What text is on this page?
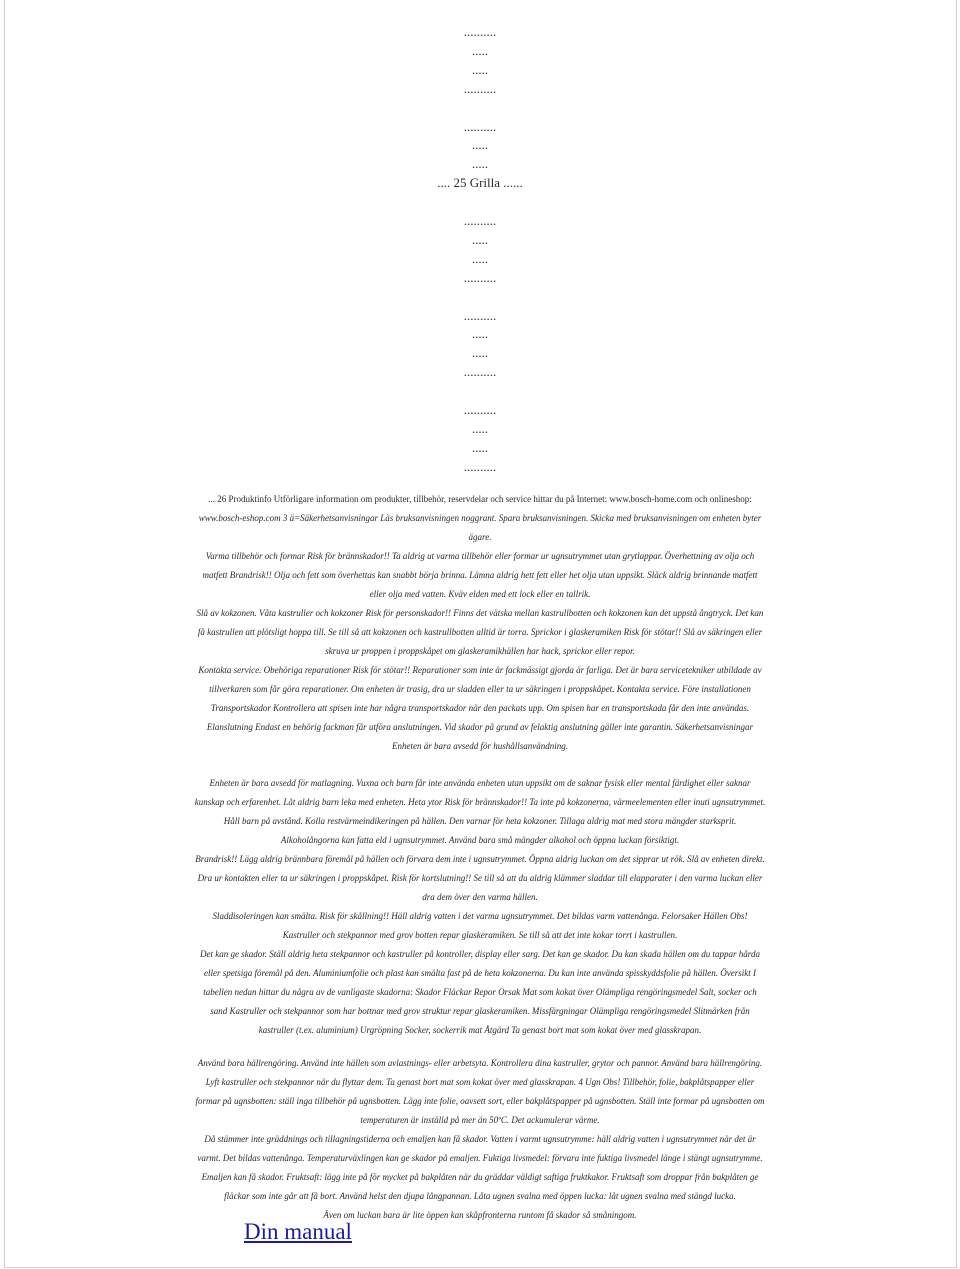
..........
.....
.....
..........
..........
.....
.....
.... 25 Grilla ......
..........
.....
.....
..........
..........
.....
.....
..........
..........
.....
.....
..........
... 26 Produktinfo Utförligare information om produkter, tillbehör, reservdelar och service hittar du på Internet: www.bosch-home.com och onlineshop:
www.bosch-eshop.com 3 ä=Säkerhetsanvisningar Läs bruksanvisningen noggrant. Spara bruksanvisningen. Skicka med bruksanvisningen om enheten byter
ägare.
Varma tillbehör och formar Risk för brännskador!! Ta aldrig ut varma tillbehör eller formar ur ugnsutrymmet utan grytlappar. Överhettning av olja och
matfett Brandrisk!! Olja och fett som överhettas kan snabbt börja brinna. Lämna aldrig hett fett eller het olja utan uppsikt. Släck aldrig brinnande matfett
eller olja med vatten. Kväv elden med ett lock eller en tallrik.
Slå av kokzonen. Våta kastruller och kokzoner Risk för personskador!! Finns det vätska mellan kastrullbotten och kokzonen kan det uppstå ångtryck. Det kan
få kastrullen att plötsligt hoppa till. Se till så att kokzonen och kastrullbotten alltid är torra. Sprickor i glaskeramiken Risk för stötar!! Slå av säkringen eller
skruva ur proppen i proppskåpet om glaskeramikhällen har hack, sprickor eller repor.
Kontakta service. Obehöriga reparationer Risk för stötar!! Reparationer som inte är fackmässigt gjorda är farliga. Det är bara servicetekniker utbildade av
tillverkaren som får göra reparationer. Om enheten är trasig, dra ur sladden eller ta ur säkringen i proppskåpet. Kontakta service. Före installationen
Transportskador Kontrollera att spisen inte har några transportskador när den packats upp. Om spisen har en transportskada får den inte användas.
Elanslutning Endast en behörig fackman får utföra anslutningen. Vid skador på grund av felaktig anslutning gäller inte garantin. Säkerhetsanvisningar
Enheten är bara avsedd för hushållsanvändning.
Enheten är bara avsedd för matlagning. Vuxna och barn får inte använda enheten utan uppsikt om de saknar fysisk eller mental färdighet eller saknar
kunskap och erfarenhet. Låt aldrig barn leka med enheten. Heta ytor Risk för brännskador!! Ta inte på kokzonerna, värmeelementen eller inuti ugnsutrymmet.
Håll barn på avstånd. Kolla restvärmeindikeringen på hällen. Den varnar för heta kokzoner. Tillaga aldrig mat med stora mängder starksprit.
Alkoholångorna kan fatta eld i ugnsutrymmet. Använd bara små mängder alkohol och öppna luckan försiktigt.
Brandrisk!! Lägg aldrig brännbara föremål på hällen och förvara dem inte i ugnsutrymmet. Öppna aldrig luckan om det sipprar ut rök. Slå av enheten direkt.
Dra ur kontakten eller ta ur säkringen i proppskåpet. Risk för kortslutning!! Se till så att du aldrig klämmer sladdar till elapparater i den varma luckan eller
dra dem över den varma hällen.
Sladdisoleringen kan smälta. Risk för skållning!! Häll aldrig vatten i det varma ugnsutrymmet. Det bildas varm vattenånga. Felorsaker Hällen Obs!
Kastruller och stekpannor med grov botten repar glaskeramiken. Se till så att det inte kokar torrt i kastrullen.
Det kan ge skador. Ställ aldrig heta stekpannor och kastruller på kontroller, display eller sarg. Det kan ge skador. Du kan skada hällen om du tappar hårda
eller spetsiga föremål på den. Aluminiumfolie och plast kan smälta fast på de heta kokzonerna. Du kan inte använda spisskyddsfolie på hällen. Översikt I
tabellen nedan hittar du några av de vanligaste skadorna: Skador Fläckar Repor Orsak Mat som kokat över Olämpliga rengöringsmedel Salt, socker och
sand Kastruller och stekpannor som har bottnar med grov struktur repar glaskeramiken. Missfärgningar Olämpliga rengöringsmedel Slitmärken från
kastruller (t.ex. aluminium) Urgröpning Socker, sockerrik mat Åtgärd Ta genast bort mat som kokat över med glasskrapan.
Använd bara hällrengöring. Använd inte hällen som avlastnings- eller arbetsyta. Kontrollera dina kastruller, grytor och pannor. Använd bara hällrengöring.
Lyft kastruller och stekpannor när du flyttar dem. Ta genast bort mat som kokat över med glasskrapan. 4 Ugn Obs! Tillbehör, folie, bakplåtspapper eller
formar på ugnsbotten: ställ inga tillbehör på ugnsbotten. Lägg inte folie, oavsett sort, eller bakplåtspapper på ugnsbotten. Ställ inte formar på ugnsbotten om
temperaturen är inställd på mer än 50ºC. Det ackumulerar värme.
Då stämmer inte gräddnings och tillagningstiderna och emaljen kan få skador. Vatten i varmt ugnsutrymme: häll aldrig vatten i ugnsutrymmet när det är
varmt. Det bildas vattenånga. Temperaturväxlingen kan ge skador på emaljen. Fuktiga livsmedel: förvara inte fuktiga livsmedel länge i stängt ugnsutrymme.
Emaljen kan få skador. Fruktsaft: lägg inte på för mycket på bakplåten när du gräddar väldigt saftiga fruktkakor. Fruktsaft som droppar från bakplåten ge
fläckar som inte går att få bort. Använd helst den djupa långpannan. Låta ugnen svalna med öppen lucka: låt ugnen svalna med stängd lucka.
Även om luckan bara är lite öppen kan skåpfronterna runtom få skador så småningom.
Din manual
